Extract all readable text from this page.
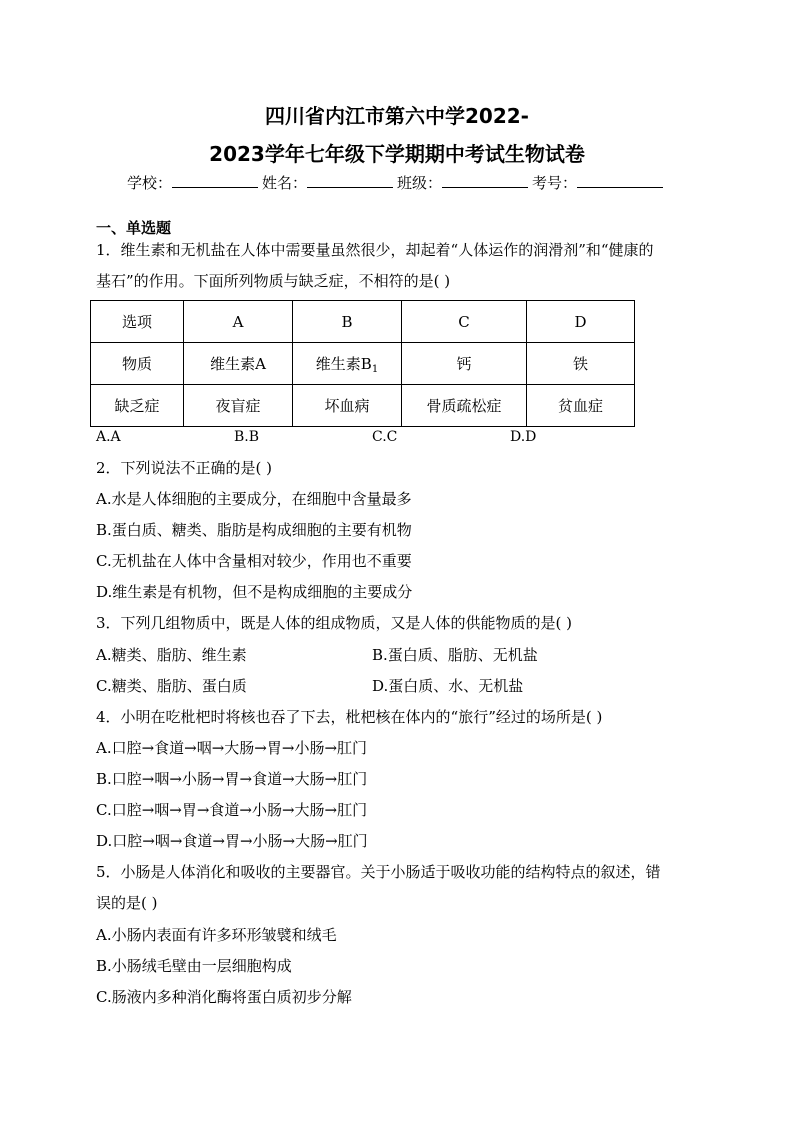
四川省内江市第六中学2022-
2023学年七年级下学期期中考试生物试卷
学校：	姓名：	班级：	考号：
一、单选题
1．维生素和无机盐在人体中需要量虽然很少，却起着“人体运作的润滑剂”和“健康的
基石”的作用。下面所列物质与缺乏症，不相符的是( )
选项	A	B	C	D
物质	维生素A	维生素$B_1$	钙	铁
缺乏症	夜盲症	坏血病	骨质疏松症	贫血症
A.A	B.B	C.C	D.D
2．下列说法不正确的是( )
A.水是人体细胞的主要成分，在细胞中含量最多
B.蛋白质、糖类、脂肪是构成细胞的主要有机物
C.无机盐在人体中含量相对较少，作用也不重要
D.维生素是有机物，但不是构成细胞的主要成分
3．下列几组物质中，既是人体的组成物质，又是人体的供能物质的是( )
A.糖类、脂肪、维生素	B.蛋白质、脂肪、无机盐
C.糖类、脂肪、蛋白质	D.蛋白质、水、无机盐
4．小明在吃枇杷时将核也吞了下去，枇杷核在体内的“旅行”经过的场所是( )
A.口腔→食道→咽→大肠→胃→小肠→肛门
B.口腔→咽→小肠→胃→食道→大肠→肛门
C.口腔→咽→胃→食道→小肠→大肠→肛门
D.口腔→咽→食道→胃→小肠→大肠→肛门
5．小肠是人体消化和吸收的主要器官。关于小肠适于吸收功能的结构特点的叙述，错
误的是( )
A.小肠内表面有许多环形皱襞和绒毛
B.小肠绒毛壁由一层细胞构成
C.肠液内多种消化酶将蛋白质初步分解
